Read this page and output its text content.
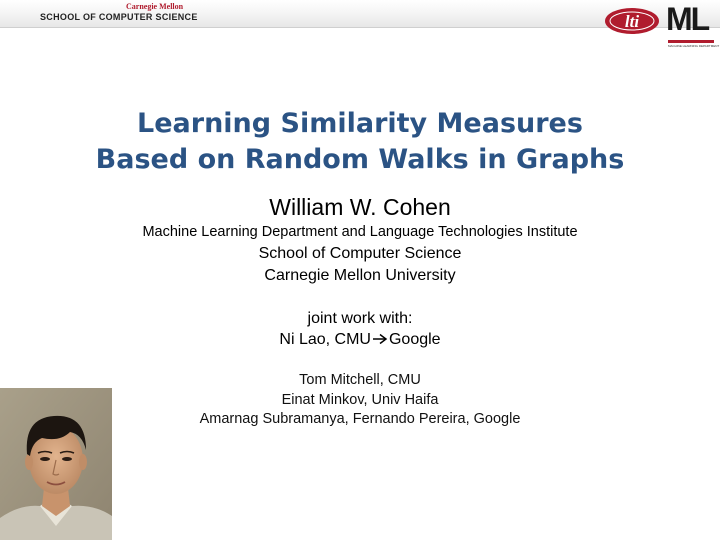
Carnegie Mellon
SCHOOL OF COMPUTER SCIENCE	lti ML
MACHINE LEARNING DEPARTMENT
Learning Similarity Measures
Based on Random Walks in Graphs
William W. Cohen
Machine Learning Department and Language Technologies Institute
School of Computer Science
Carnegie Mellon University
joint work with:
Ni Lao, CMU Google
Tom Mitchell, CMU
Einat Minkov, Univ Haifa
Amarnag Subramanya, Fernando Pereira, Google
